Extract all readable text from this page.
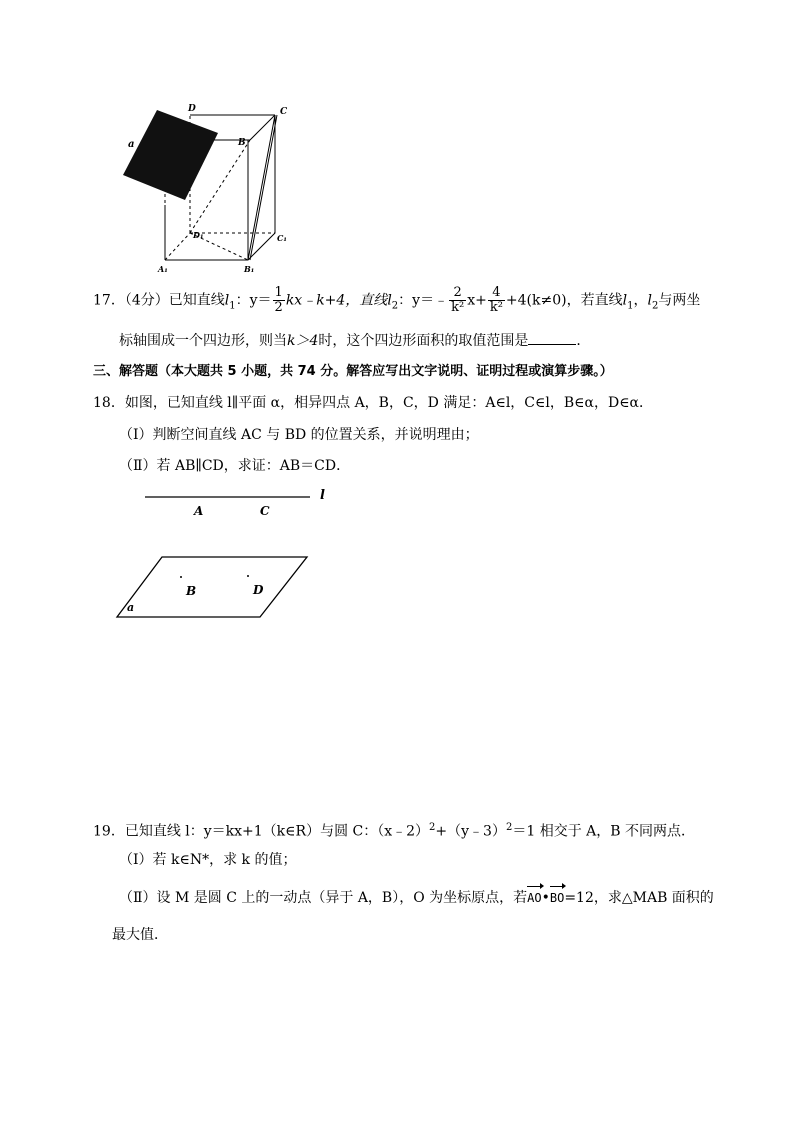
a
D	C
B
D₁	C₁
A₁	B₁
17．（4分）已知直线$l_1$：$y= \frac{1}{2}$ kx﹣k+4，直线$l_2$：y＝﹣ $\frac{2}{\text{k²}} x+ \frac{4}{\text{k²}} +4(k\ne 0)$，若直线$l_1$，$l_2$与两坐
标轴围成一个四边形，则当k＞4时，这个四边形面积的取值范围是	．
三、解答题（本大题共 5 小题，共 74 分。解答应写出文字说明、证明过程或演算步骤。）
18．如图，已知直线 l∥平面 α，相异四点 A，B，C，D 满足：A∈l，C∈l，B∈α，D∈α．
（Ⅰ）判断空间直线 AC 与 BD 的位置关系，并说明理由；
（Ⅱ）若 AB∥CD，求证：AB＝CD．
l
A	C
B	D
a
19．已知直线 l：y＝kx+1（k∈R）与圆 C：（x﹣2）$^2$+（y﹣3）$^2$＝1 相交于 A，B 不同两点．
（Ⅰ）若 k∈N*，求 k 的值；
（Ⅱ）设 M 是圆 C 上的一动点（异于 A，B），O 为坐标原点，若AO•BO=12，求△MAB 面积的
最大值．
